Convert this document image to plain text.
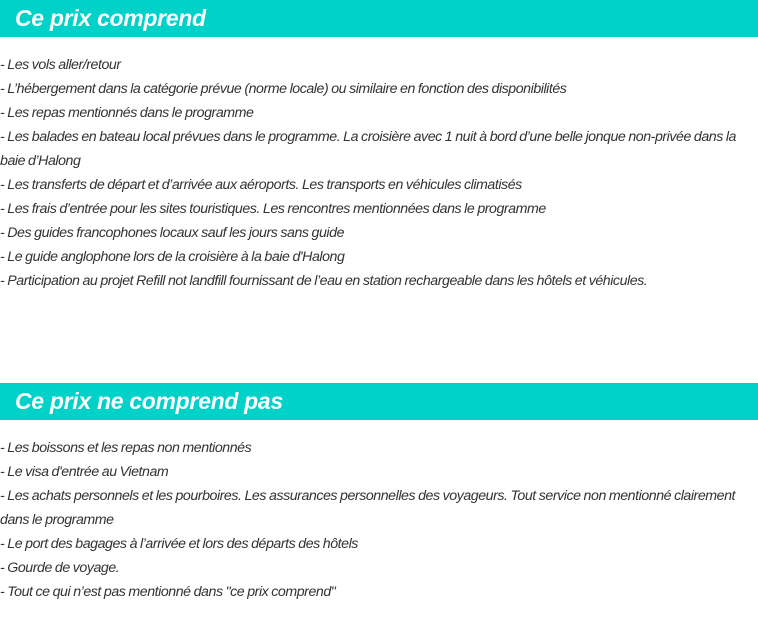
Ce prix comprend
- Les vols aller/retour
- L’hébergement dans la catégorie prévue (norme locale) ou similaire en fonction des disponibilités
- Les repas mentionnés dans le programme
- Les balades en bateau local prévues dans le programme. La croisière avec 1 nuit à bord d’une belle jonque non-privée dans la baie d’Halong
- Les transferts de départ et d’arrivée aux aéroports. Les transports en véhicules climatisés
- Les frais d’entrée pour les sites touristiques. Les rencontres mentionnées dans le programme
- Des guides francophones locaux sauf les jours sans guide
- Le guide anglophone lors de la croisière à la baie d'Halong
- Participation au projet Refill not landfill fournissant de l’eau en station rechargeable dans les hôtels et véhicules.
Ce prix ne comprend pas
- Les boissons et les repas non mentionnés
- Le visa d'entrée au Vietnam
- Les achats personnels et les pourboires. Les assurances personnelles des voyageurs. Tout service non mentionné clairement dans le programme
- Le port des bagages à l’arrivée et lors des départs des hôtels
- Gourde de voyage.
- Tout ce qui n’est pas mentionné dans "ce prix comprend"
